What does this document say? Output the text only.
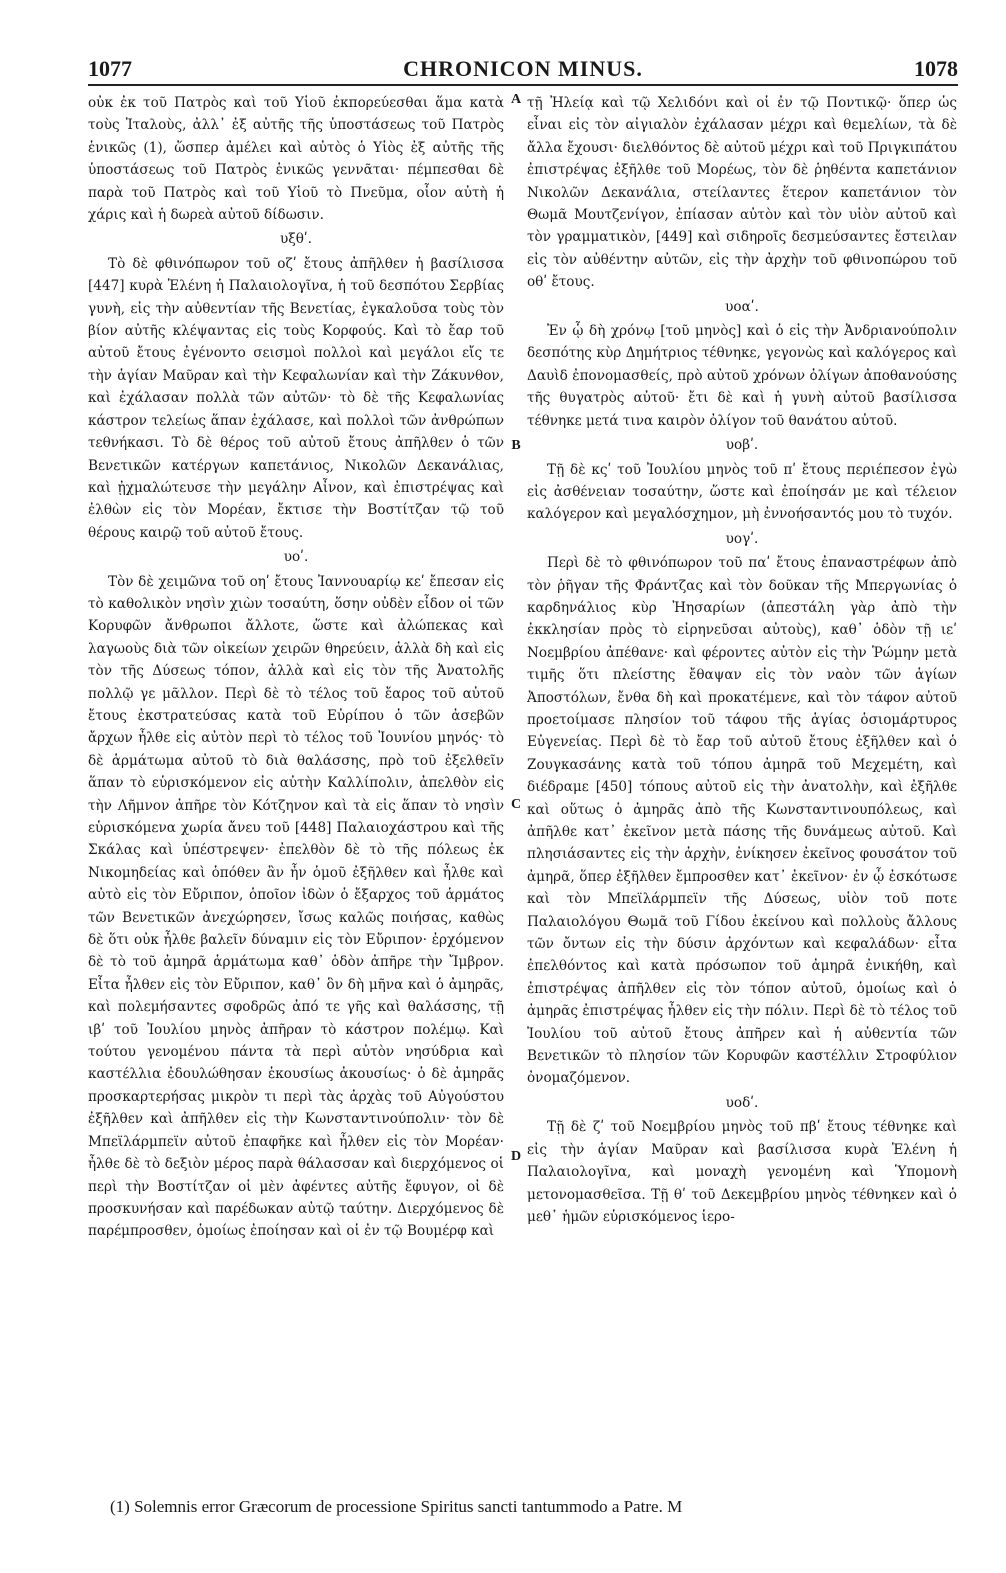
1077	CHRONICON MINUS.	1078

οὐκ ἐκ τοῦ Πατρὸς καὶ τοῦ Υἱοῦ ἐκπορεύεσθαι ἅμα κατὰ τοὺς Ἰταλοὺς, ἀλλ᾽ ἐξ αὐτῆς τῆς ὑποστάσεως τοῦ Πατρὸς ἑνικῶς (1), ὥσπερ ἀμέλει καὶ αὐτὸς ὁ Υἱὸς ἐξ αὐτῆς τῆς ὑποστάσεως τοῦ Πατρὸς ἑνικῶς γεννᾶται· πέμπεσθαι δὲ παρὰ τοῦ Πατρὸς καὶ τοῦ Υἱοῦ τὸ Πνεῦμα, οἷον αὐτὴ ἡ χάρις καὶ ἡ δωρεὰ αὐτοῦ δίδωσιν.

υξθʹ.

Τὸ δὲ φθινόπωρον τοῦ οζʹ ἔτους ἀπῆλθεν ἡ βασίλισσα [447] κυρὰ Ἑλένη ἡ Παλαιολογῖνα, ἡ τοῦ δεσπότου Σερβίας γυνὴ, εἰς τὴν αὐθεντίαν τῆς Βενετίας, ἐγκαλοῦσα τοὺς τὸν βίον αὐτῆς κλέψαντας εἰς τοὺς Κορφούς. Καὶ τὸ ἔαρ τοῦ αὐτοῦ ἔτους ἐγένοντο σεισμοὶ πολλοὶ καὶ μεγάλοι εἴς τε τὴν ἁγίαν Μαῦραν καὶ τὴν Κεφαλωνίαν καὶ τὴν Ζάκυνθον, καὶ ἐχάλασαν πολλὰ τῶν αὐτῶν· τὸ δὲ τῆς Κεφαλωνίας κάστρον τελείως ἅπαν ἐχάλασε, καὶ πολλοὶ τῶν ἀνθρώπων τεθνήκασι. Τὸ δὲ θέρος τοῦ αὐτοῦ ἔτους ἀπῆλθεν ὁ τῶν Βενετικῶν κατέργων καπετάνιος, Νικολῶν Δεκανάλιας, καὶ ᾐχμαλώτευσε τὴν μεγάλην Αἶνον, καὶ ἐπιστρέψας καὶ ἐλθὼν εἰς τὸν Μορέαν, ἔκτισε τὴν Βοστίτζαν τῷ τοῦ θέρους καιρῷ τοῦ αὐτοῦ ἔτους.

υοʹ.

Τὸν δὲ χειμῶνα τοῦ οηʹ ἔτους Ἰαννουαρίῳ κεʹ ἔπεσαν εἰς τὸ καθολικὸν νησὶν χιὼν τοσαύτη, ὅσην οὐδὲν εἶδον οἱ τῶν Κορυφῶν ἄνθρωποι ἄλλοτε, ὥστε καὶ ἀλώπεκας καὶ λαγωοὺς διὰ τῶν οἰκείων χειρῶν θηρεύειν, ἀλλὰ δὴ καὶ εἰς τὸν τῆς Δύσεως τόπον, ἀλλὰ καὶ εἰς τὸν τῆς Ἀνατολῆς πολλῷ γε μᾶλλον. Περὶ δὲ τὸ τέλος τοῦ ἔαρος τοῦ αὐτοῦ ἔτους ἐκστρατεύσας κατὰ τοῦ Εὐρίπου ὁ τῶν ἀσεβῶν ἄρχων ἦλθε εἰς αὐτὸν περὶ τὸ τέλος τοῦ Ἰουνίου μηνός· τὸ δὲ ἁρμάτωμα αὐτοῦ τὸ διὰ θαλάσσης, πρὸ τοῦ ἐξελθεῖν ἅπαν τὸ εὑρισκόμενον εἰς αὐτὴν Καλλίπολιν, ἀπελθὸν εἰς τὴν Λῆμνον ἀπῆρε τὸν Κότζηνον καὶ τὰ εἰς ἅπαν τὸ νησὶν εὑρισκόμενα χωρία ἄνευ τοῦ [448] Παλαιοχάστρου καὶ τῆς Σκάλας καὶ ὑπέστρεψεν· ἐπελθὸν δὲ τὸ τῆς πόλεως ἐκ Νικομηδείας καὶ ὁπόθεν ἂν ἦν ὁμοῦ ἐξῆλθεν καὶ ἦλθε καὶ αὐτὸ εἰς τὸν Εὔριπον, ὁποῖον ἰδὼν ὁ ἔξαρχος τοῦ ἁρμάτος τῶν Βενετικῶν ἀνεχώρησεν, ἴσως καλῶς ποιήσας, καθὼς δὲ ὅτι οὐκ ἦλθε βαλεῖν δύναμιν εἰς τὸν Εὔριπον· ἐρχόμενον δὲ τὸ τοῦ ἀμηρᾶ ἁρμάτωμα καθ᾽ ὁδὸν ἀπῆρε τὴν Ἴμβρον. Εἶτα ἦλθεν εἰς τὸν Εὔριπον, καθ᾽ ὃν δὴ μῆνα καὶ ὁ ἀμηρᾶς, καὶ πολεμήσαντες σφοδρῶς ἀπό τε γῆς καὶ θαλάσσης, τῇ ιβʹ τοῦ Ἰουλίου μηνὸς ἀπῆραν τὸ κάστρον πολέμῳ. Καὶ τούτου γενομένου πάντα τὰ περὶ αὐτὸν νησύδρια καὶ καστέλλια ἐδουλώθησαν ἑκουσίως ἀκουσίως· ὁ δὲ ἀμηρᾶς προσκαρτερήσας μικρὸν τι περὶ τὰς ἀρχὰς τοῦ Αὐγούστου ἐξῆλθεν καὶ ἀπῆλθεν εἰς τὴν Κωνσταντινούπολιν· τὸν δὲ Μπεϊλάρμπεϊν αὐτοῦ ἐπαφῆκε καὶ ἦλθεν εἰς τὸν Μορέαν· ἦλθε δὲ τὸ δεξιὸν μέρος παρὰ θάλασσαν καὶ διερχόμενος οἱ περὶ τὴν Βοστίτζαν οἱ μὲν ἀφέντες αὐτῆς ἔφυγον, οἱ δὲ προσκυνήσαν καὶ παρέδωκαν αὐτῷ ταύτην. Διερχόμενος δὲ παρέμπροσθεν, ὁμοίως ἐποίησαν καὶ οἱ ἐν τῷ Βουμέρφ καὶ

τῇ Ἠλείᾳ καὶ τῷ Χελιδόνι καὶ οἱ ἐν τῷ Ποντικῷ· ὅπερ ὡς εἶναι εἰς τὸν αἰγιαλὸν ἐχάλασαν μέχρι καὶ θεμελίων, τὰ δὲ ἄλλα ἔχουσι· διελθόντος δὲ αὐτοῦ μέχρι καὶ τοῦ Πριγκιπάτου ἐπιστρέψας ἐξῆλθε τοῦ Μορέως, τὸν δὲ ῥηθέντα καπετάνιον Νικολῶν Δεκανάλια, στείλαντες ἕτερον καπετάνιον τὸν Θωμᾶ Μουτζενίγον, ἐπίασαν αὐτὸν καὶ τὸν υἱὸν αὐτοῦ καὶ τὸν γραμματικὸν, [449] καὶ σιδηροῖς δεσμεύσαντες ἔστειλαν εἰς τὸν αὐθέντην αὐτῶν, εἰς τὴν ἀρχὴν τοῦ φθινοπώρου τοῦ οθʹ ἔτους.

υοαʹ.

Ἐν ᾧ δὴ χρόνῳ [τοῦ μηνὸς] καὶ ὁ εἰς τὴν Ἀνδριανούπολιν δεσπότης κὺρ Δημήτριος τέθνηκε, γεγονὼς καὶ καλόγερος καὶ Δαυὶδ ἐπονομασθείς, πρὸ αὐτοῦ χρόνων ὀλίγων ἀποθανούσης τῆς θυγατρὸς αὐτοῦ· ἔτι δὲ καὶ ἡ γυνὴ αὐτοῦ βασίλισσα τέθνηκε μετά τινα καιρὸν ὀλίγον τοῦ θανάτου αὐτοῦ.

υοβʹ.

Τῇ δὲ κςʹ τοῦ Ἰουλίου μηνὸς τοῦ πʹ ἔτους περιέπεσον ἐγὼ εἰς ἀσθένειαν τοσαύτην, ὥστε καὶ ἐποίησάν με καὶ τέλειον καλόγερον καὶ μεγαλόσχημον, μὴ ἐννοήσαντός μου τὸ τυχόν.

υογʹ.

Περὶ δὲ τὸ φθινόπωρον τοῦ παʹ ἔτους ἐπαναστρέφων ἀπὸ τὸν ῥῆγαν τῆς Φράντζας καὶ τὸν δοῦκαν τῆς Μπεργωνίας ὁ καρδηνάλιος κὺρ Ἠησαρίων (ἀπεστάλη γὰρ ἀπὸ τὴν ἐκκλησίαν πρὸς τὸ εἰρηνεῦσαι αὐτοὺς), καθ᾽ ὁδὸν τῇ ιεʹ Νοεμβρίου ἀπέθανε· καὶ φέροντες αὐτὸν εἰς τὴν Ῥώμην μετὰ τιμῆς ὅτι πλείστης ἔθαψαν εἰς τὸν ναὸν τῶν ἁγίων Ἀποστόλων, ἔνθα δὴ καὶ προκατέμενε, καὶ τὸν τάφον αὐτοῦ προετοίμασε πλησίον τοῦ τάφου τῆς ἁγίας ὁσιομάρτυρος Εὐγενείας. Περὶ δὲ τὸ ἔαρ τοῦ αὐτοῦ ἔτους ἐξῆλθεν καὶ ὁ Ζουγκασάνης κατὰ τοῦ τόπου ἀμηρᾶ τοῦ Μεχεμέτη, καὶ διέδραμε [450] τόπους αὐτοῦ εἰς τὴν ἀνατολὴν, καὶ ἐξῆλθε καὶ οὕτως ὁ ἀμηρᾶς ἀπὸ τῆς Κωνσταντινουπόλεως, καὶ ἀπῆλθε κατ᾽ ἐκεῖνον μετὰ πάσης τῆς δυνάμεως αὐτοῦ. Καὶ πλησιάσαντες εἰς τὴν ἀρχὴν, ἐνίκησεν ἐκεῖνος φουσάτον τοῦ ἀμηρᾶ, ὅπερ ἐξῆλθεν ἔμπροσθεν κατ᾽ ἐκεῖνον· ἐν ᾧ ἐσκότωσε καὶ τὸν Μπεϊλάρμπεϊν τῆς Δύσεως, υἱὸν τοῦ ποτε Παλαιολόγου Θωμᾶ τοῦ Γίδου ἐκείνου καὶ πολλοὺς ἄλλους τῶν ὄντων εἰς τὴν δύσιν ἀρχόντων καὶ κεφαλάδων· εἶτα ἐπελθόντος καὶ κατὰ πρόσωπον τοῦ ἀμηρᾶ ἐνικήθη, καὶ ἐπιστρέψας ἀπῆλθεν εἰς τὸν τόπον αὐτοῦ, ὁμοίως καὶ ὁ ἀμηρᾶς ἐπιστρέψας ἦλθεν εἰς τὴν πόλιν. Περὶ δὲ τὸ τέλος τοῦ Ἰουλίου τοῦ αὐτοῦ ἔτους ἀπῆρεν καὶ ἡ αὐθεντία τῶν Βενετικῶν τὸ πλησίον τῶν Κορυφῶν καστέλλιν Στροφύλιον ὀνομαζόμενον.

υοδʹ.

Τῇ δὲ ζʹ τοῦ Νοεμβρίου μηνὸς τοῦ πβʹ ἔτους τέθνηκε καὶ εἰς τὴν ἁγίαν Μαῦραν καὶ βασίλισσα κυρὰ Ἑλένη ἡ Παλαιολογῖνα, καὶ μοναχὴ γενομένη καὶ Ὑπομονὴ μετονομασθεῖσα. Τῇ θʹ τοῦ Δεκεμβρίου μηνὸς τέθνηκεν καὶ ὁ μεθ᾽ ἡμῶν εὑρισκόμενος ἱερο-

A
B
C
D
(1) Solemnis error Græcorum de processione Spiritus sancti tantummodo a Patre. M
